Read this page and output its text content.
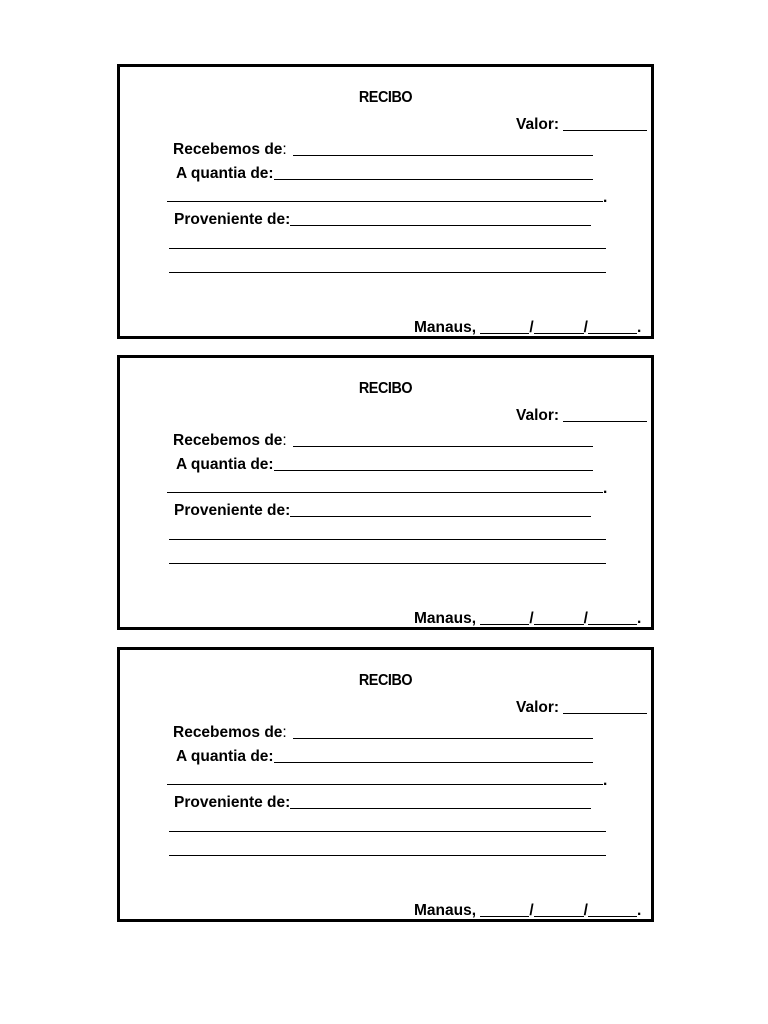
RECIBO
Valor:
Recebemos de:
A quantia de:
.
Proveniente de:
Manaus,	/	/	.
RECIBO
Valor:
Recebemos de:
A quantia de:
.
Proveniente de:
Manaus,	/	/	.
RECIBO
Valor:
Recebemos de:
A quantia de:
.
Proveniente de:
Manaus,	/	/	.
